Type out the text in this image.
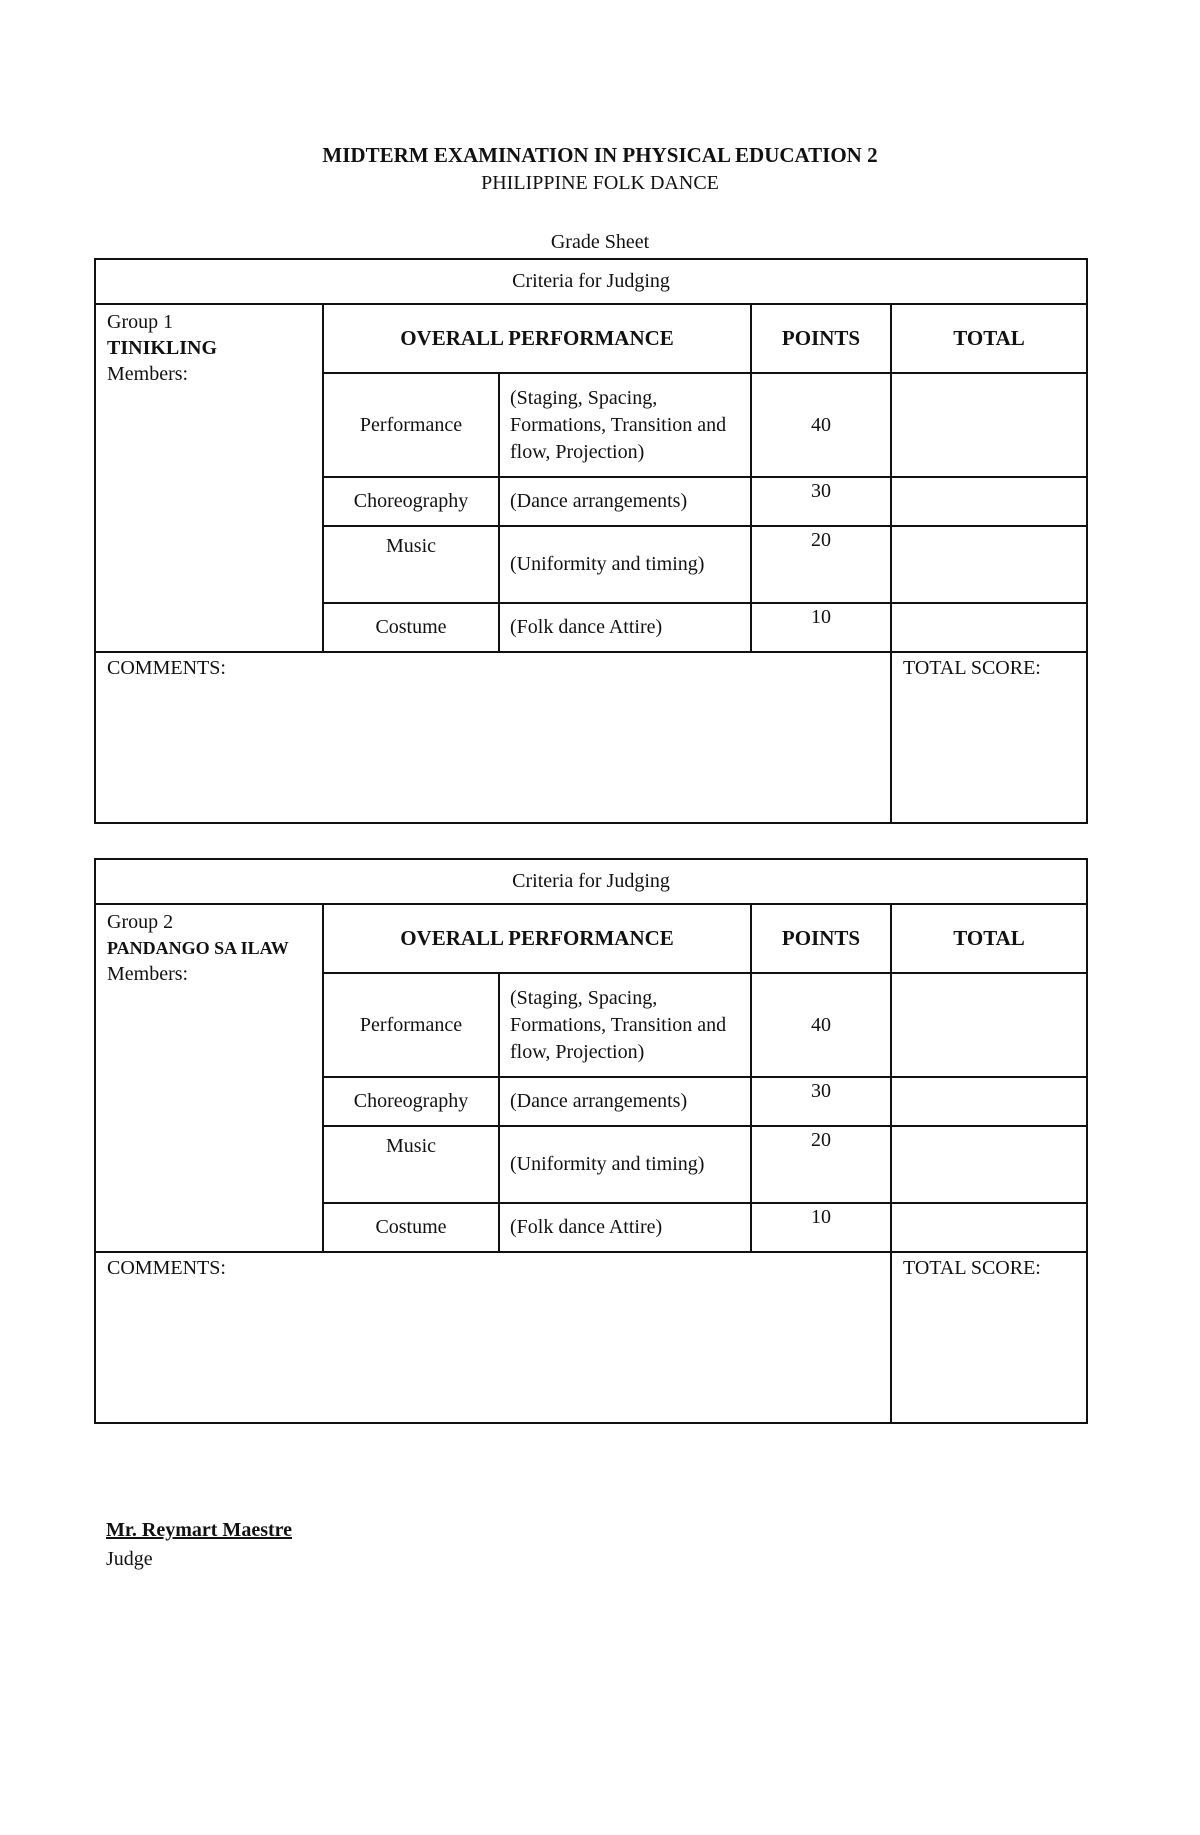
MIDTERM EXAMINATION IN PHYSICAL EDUCATION 2
PHILIPPINE FOLK DANCE
Grade Sheet
Criteria for Judging				

Group 1
TINIKLING
Members:	OVERALL PERFORMANCE		POINTS	TOTAL
	Performance	(Staging, Spacing, Formations, Transition and flow, Projection)	40	
	Choreography	(Dance arrangements)	30	
	Music	(Uniformity and timing)	20	
	Costume	(Folk dance Attire)	10	
COMMENTS:				TOTAL SCORE:
Criteria for Judging				

Group 2
PANDANGO SA ILAW
Members:	OVERALL PERFORMANCE		POINTS	TOTAL
	Performance	(Staging, Spacing, Formations, Transition and flow, Projection)	40	
	Choreography	(Dance arrangements)	30	
	Music	(Uniformity and timing)	20	
	Costume	(Folk dance Attire)	10	
COMMENTS:				TOTAL SCORE:
Mr. Reymart Maestre
Judge
